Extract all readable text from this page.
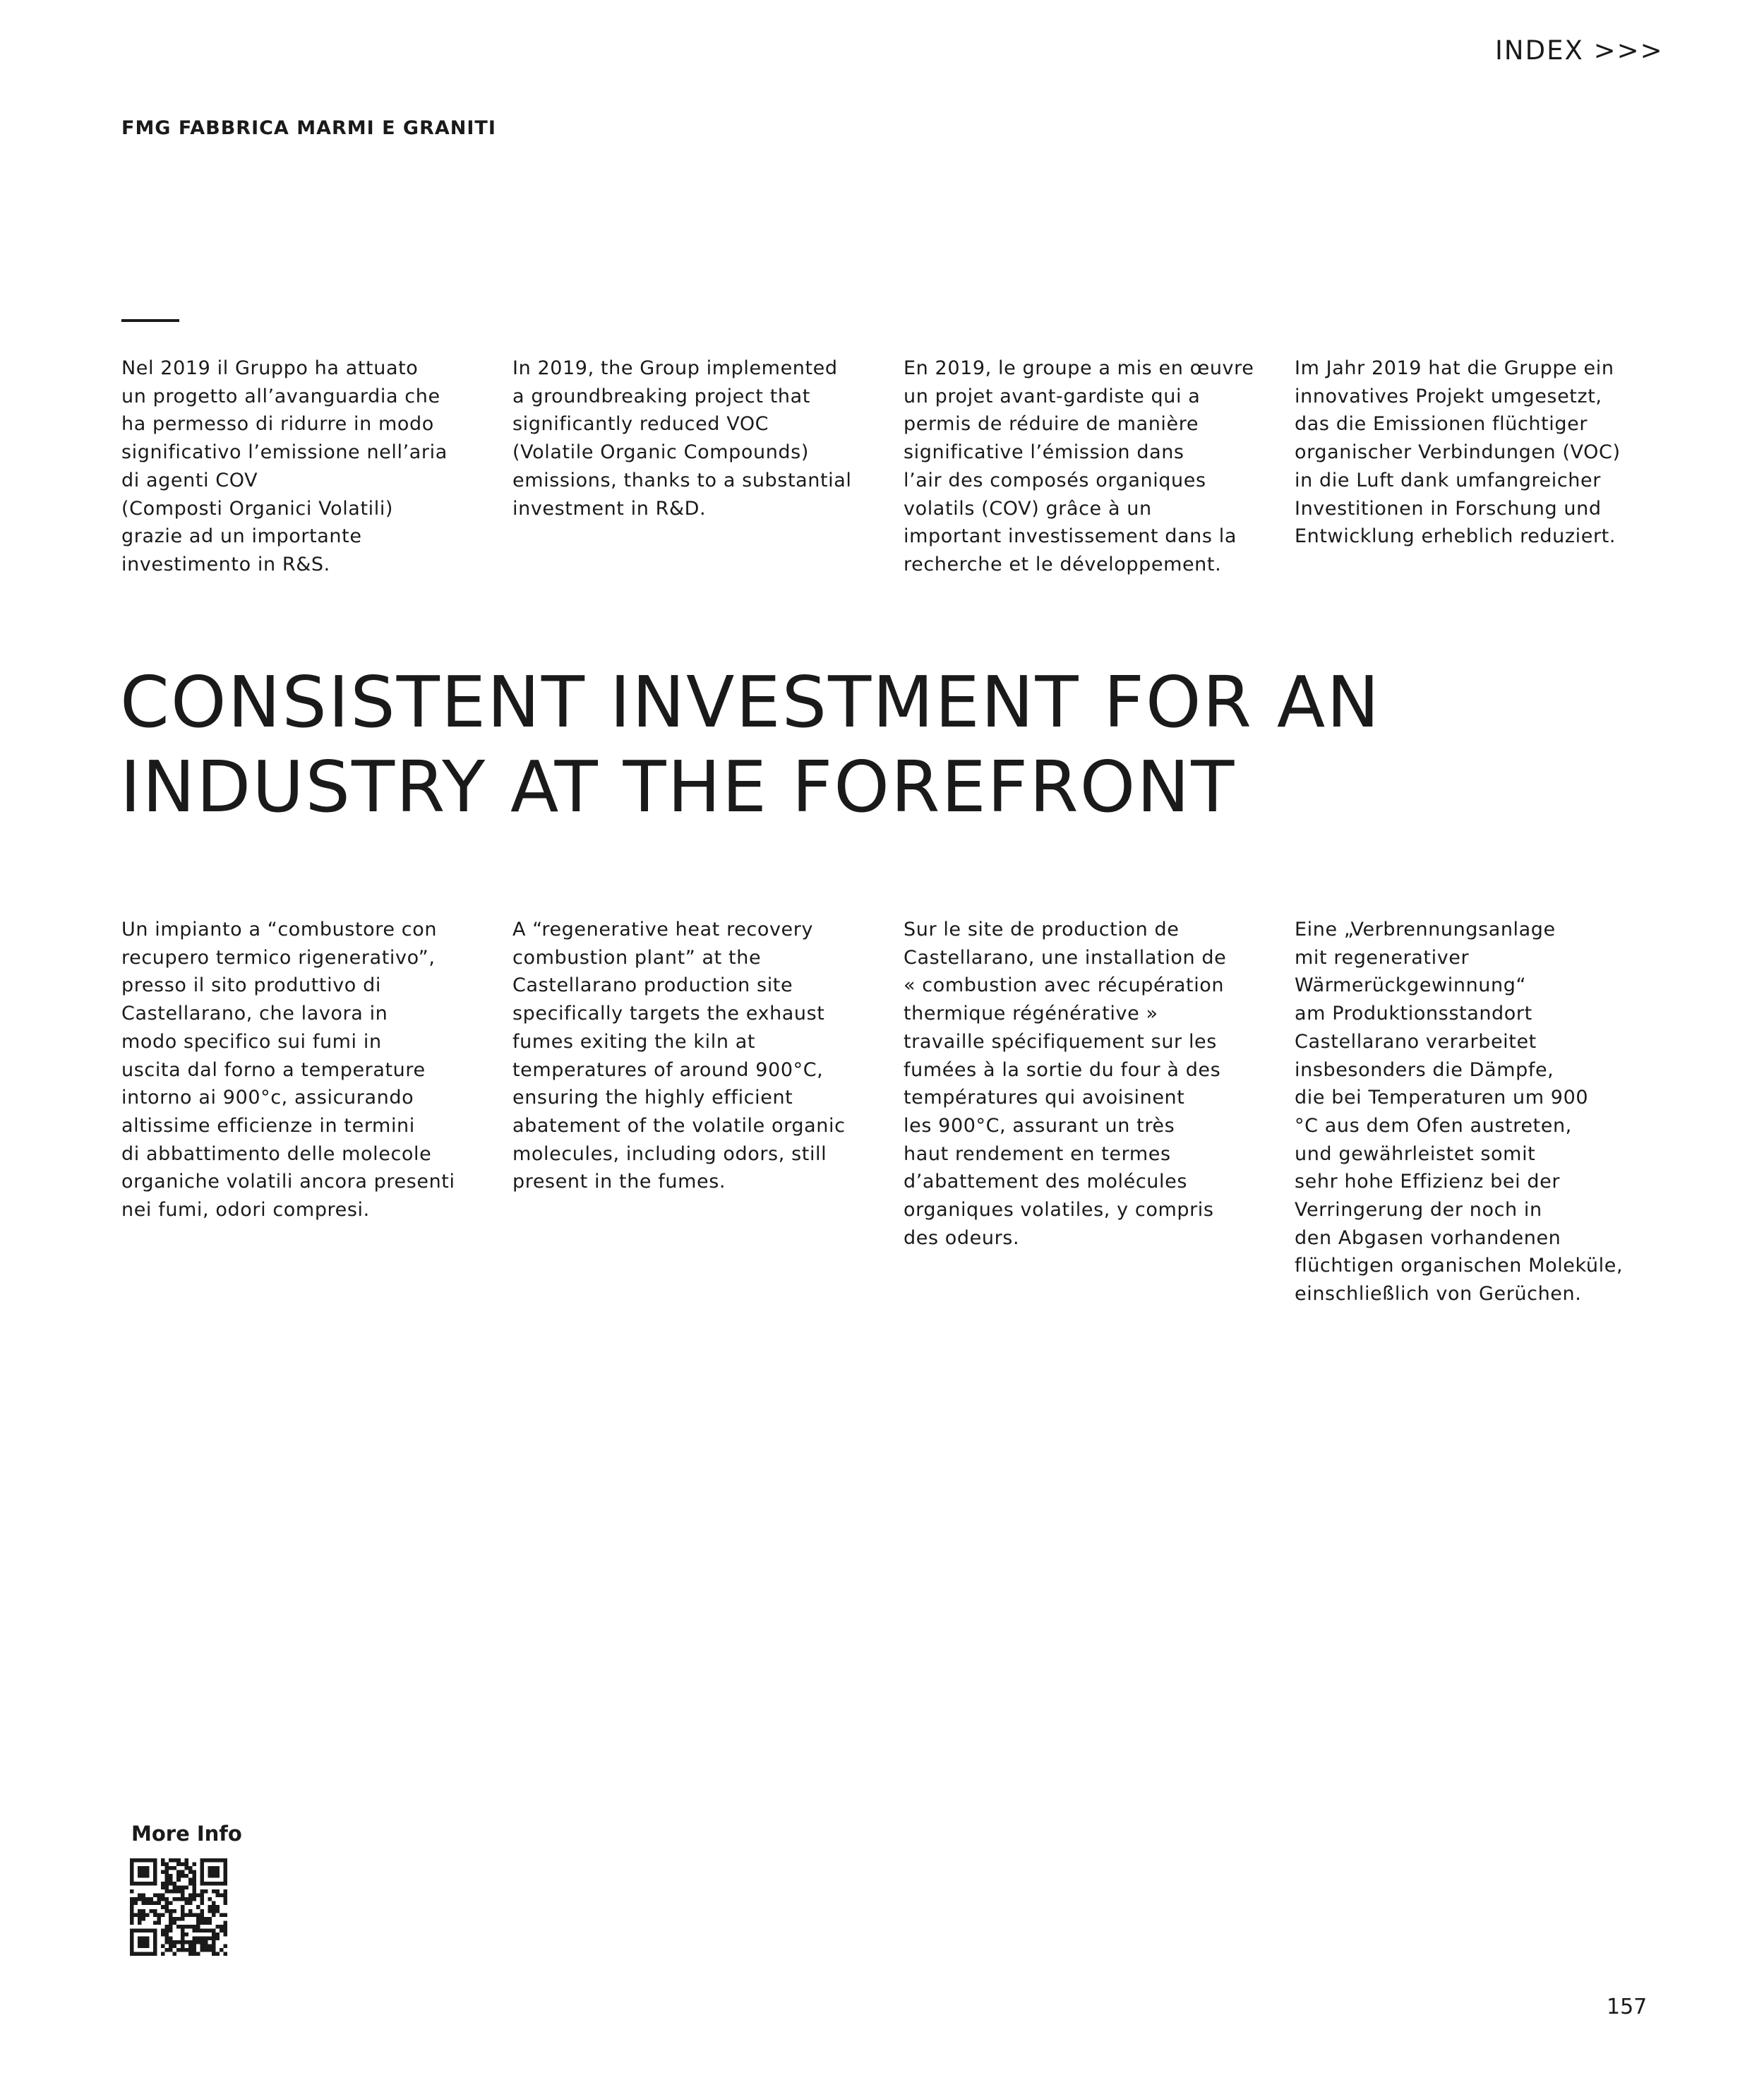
INDEX >>>
FMG FABBRICA MARMI E GRANITI
Nel 2019 il Gruppo ha attuato
un progetto all’avanguardia che
ha permesso di ridurre in modo
significativo l’emissione nell’aria
di agenti COV
(Composti Organici Volatili)
grazie ad un importante
investimento in R&S.
In 2019, the Group implemented
a groundbreaking project that
significantly reduced VOC
(Volatile Organic Compounds)
emissions, thanks to a substantial
investment in R&D.
En 2019, le groupe a mis en œuvre
un projet avant-gardiste qui a
permis de réduire de manière
significative l’émission dans
l’air des composés organiques
volatils (COV) grâce à un
important investissement dans la
recherche et le développement.
Im Jahr 2019 hat die Gruppe ein
innovatives Projekt umgesetzt,
das die Emissionen flüchtiger
organischer Verbindungen (VOC)
in die Luft dank umfangreicher
Investitionen in Forschung und
Entwicklung erheblich reduziert.
CONSISTENT INVESTMENT FOR AN
INDUSTRY AT THE FOREFRONT
Un impianto a “combustore con
recupero termico rigenerativo”,
presso il sito produttivo di
Castellarano, che lavora in
modo specifico sui fumi in
uscita dal forno a temperature
intorno ai 900°c, assicurando
altissime efficienze in termini
di abbattimento delle molecole
organiche volatili ancora presenti
nei fumi, odori compresi.
A “regenerative heat recovery
combustion plant” at the
Castellarano production site
specifically targets the exhaust
fumes exiting the kiln at
temperatures of around 900°C,
ensuring the highly efficient
abatement of the volatile organic
molecules, including odors, still
present in the fumes.
Sur le site de production de
Castellarano, une installation de
« combustion avec récupération
thermique régénérative »
travaille spécifiquement sur les
fumées à la sortie du four à des
températures qui avoisinent
les 900°C, assurant un très
haut rendement en termes
d’abattement des molécules
organiques volatiles, y compris
des odeurs.
Eine „Verbrennungsanlage
mit regenerativer
Wärmerückgewinnung“
am Produktionsstandort
Castellarano verarbeitet
insbesonders die Dämpfe,
die bei Temperaturen um 900
°C aus dem Ofen austreten,
und gewährleistet somit
sehr hohe Effizienz bei der
Verringerung der noch in
den Abgasen vorhandenen
flüchtigen organischen Moleküle,
einschließlich von Gerüchen.
More Info
157
